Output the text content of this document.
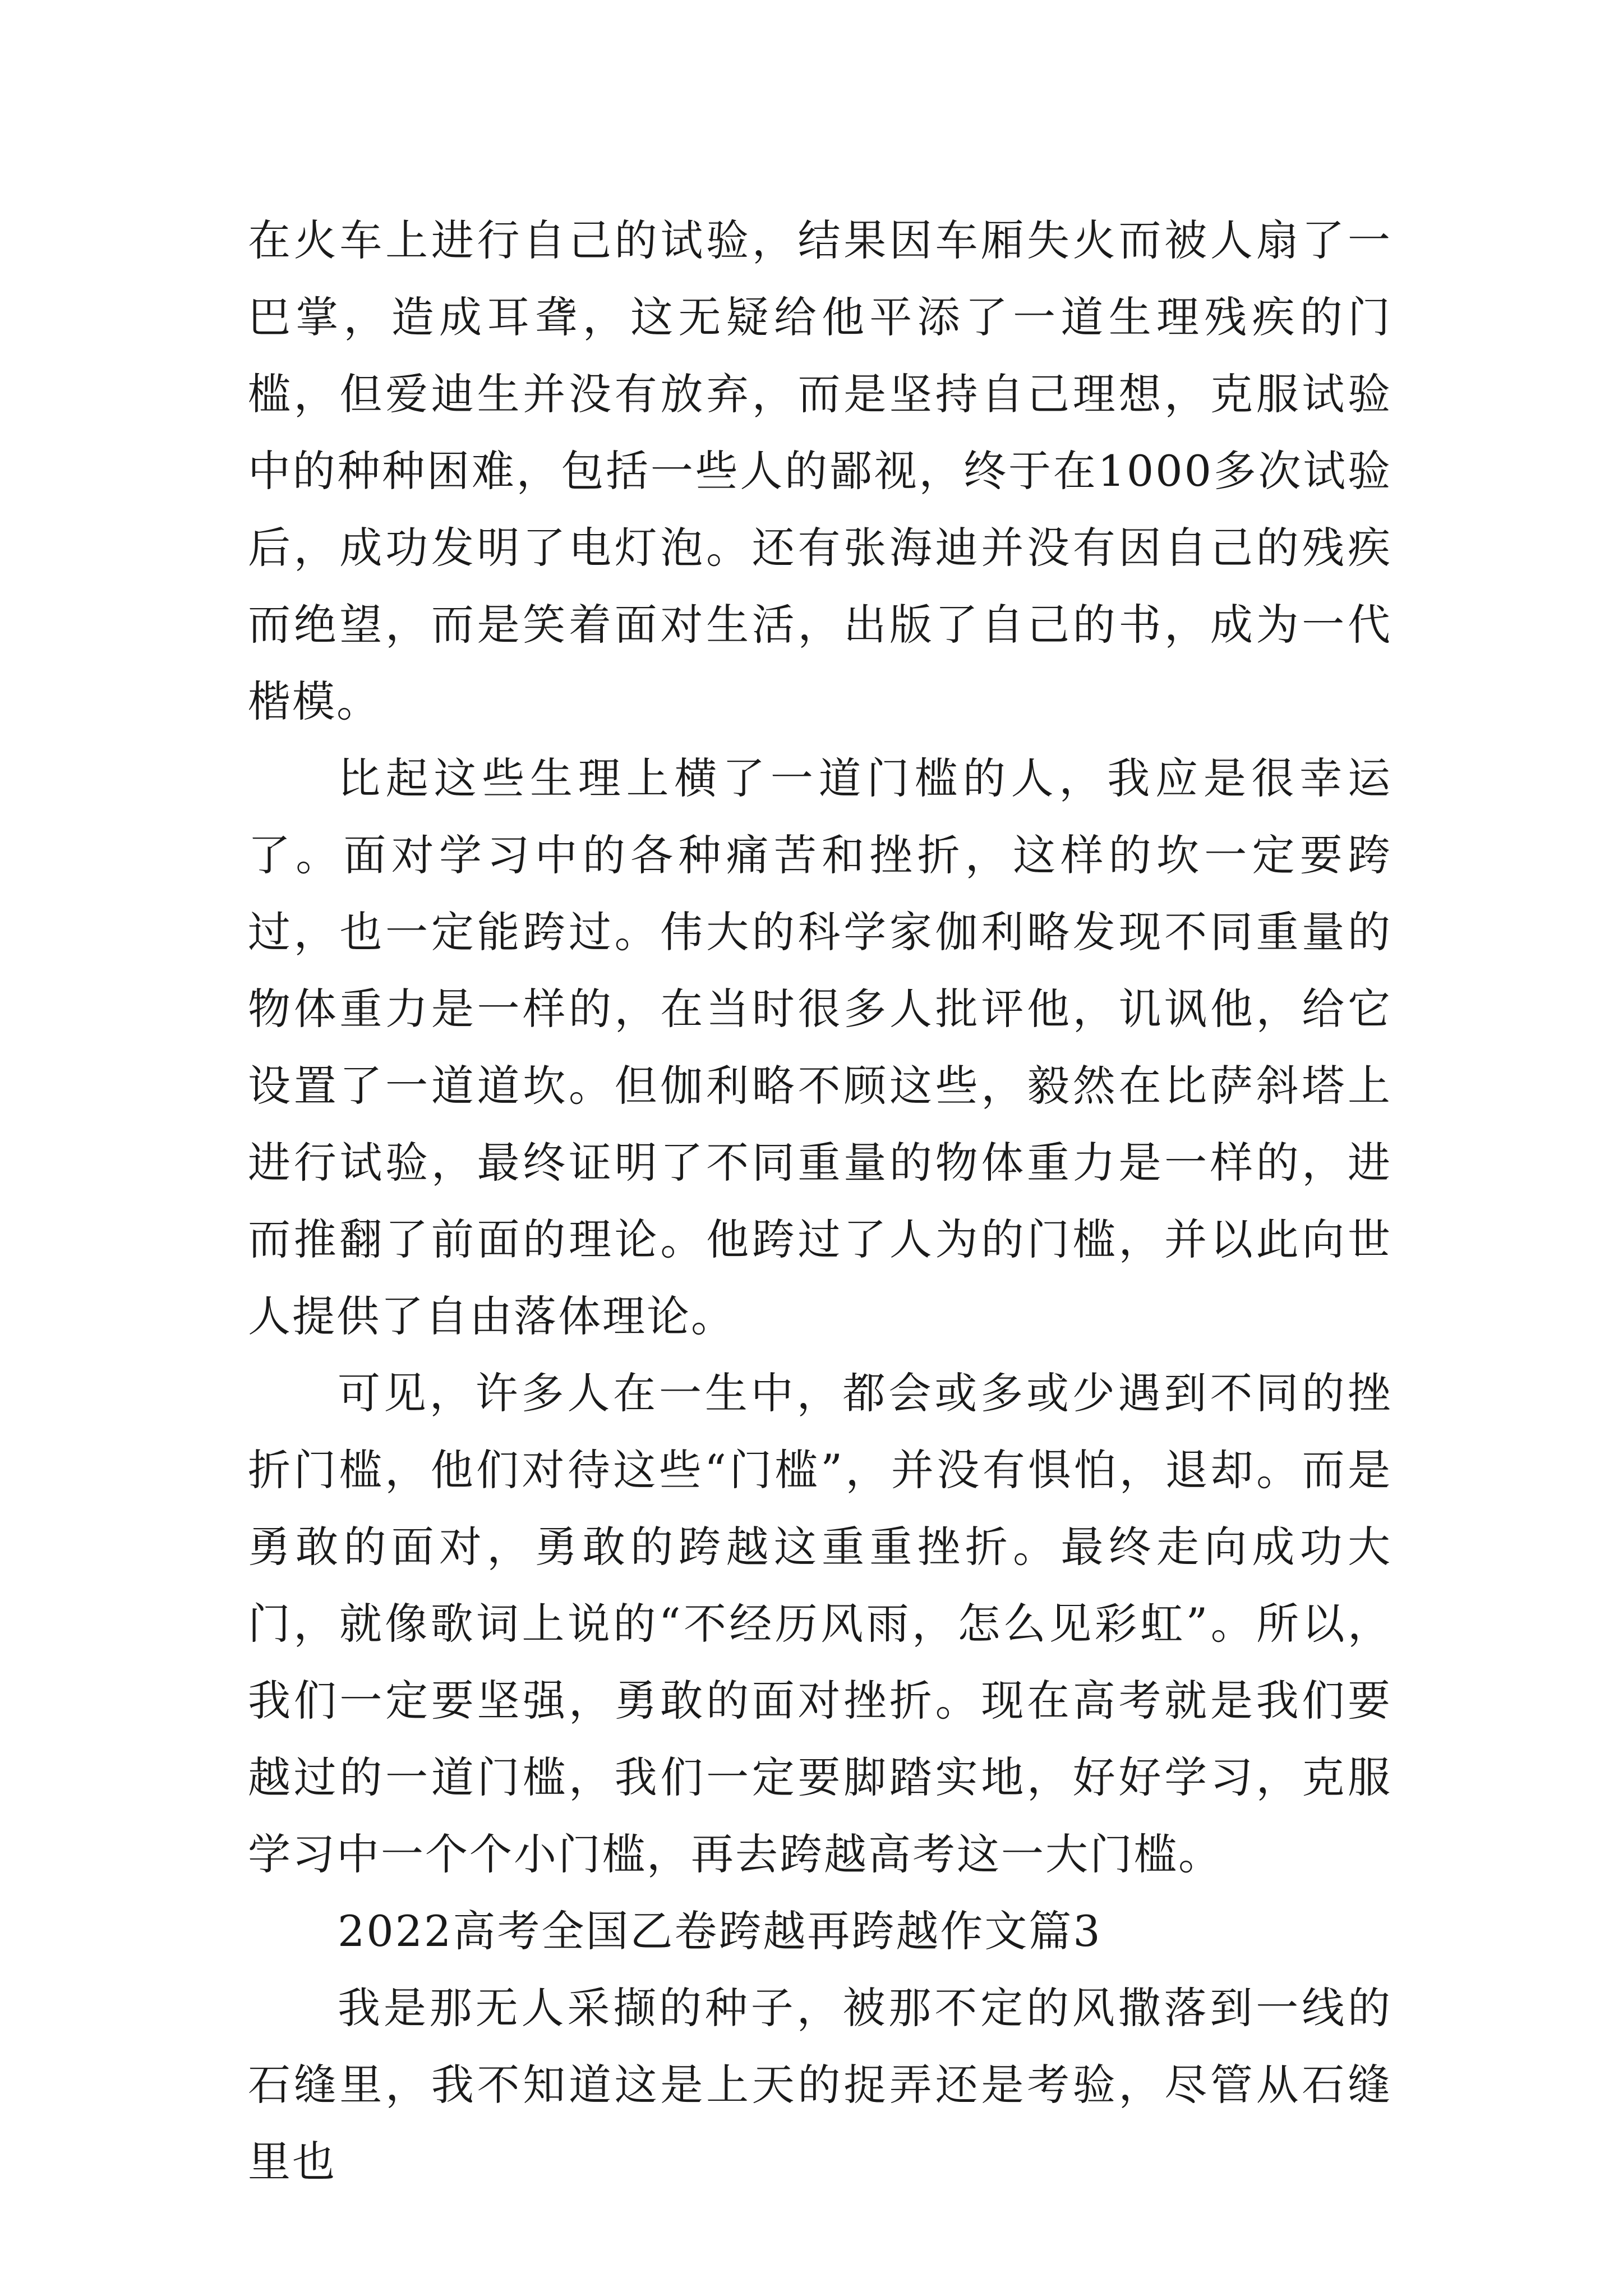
在火车上进行自己的试验，结果因车厢失火而被人扇了一巴掌，造成耳聋，这无疑给他平添了一道生理残疾的门槛，但爱迪生并没有放弃，而是坚持自己理想，克服试验中的种种困难，包括一些人的鄙视，终于在1000多次试验后，成功发明了电灯泡。还有张海迪并没有因自己的残疾而绝望，而是笑着面对生活，出版了自己的书，成为一代楷模。

比起这些生理上横了一道门槛的人，我应是很幸运了。面对学习中的各种痛苦和挫折，这样的坎一定要跨过，也一定能跨过。伟大的科学家伽利略发现不同重量的物体重力是一样的，在当时很多人批评他，讥讽他，给它设置了一道道坎。但伽利略不顾这些，毅然在比萨斜塔上进行试验，最终证明了不同重量的物体重力是一样的，进而推翻了前面的理论。他跨过了人为的门槛，并以此向世人提供了自由落体理论。

可见，许多人在一生中，都会或多或少遇到不同的挫折门槛，他们对待这些“门槛”，并没有惧怕，退却。而是勇敢的面对，勇敢的跨越这重重挫折。最终走向成功大门，就像歌词上说的“不经历风雨，怎么见彩虹”。所以，我们一定要坚强，勇敢的面对挫折。现在高考就是我们要越过的一道门槛，我们一定要脚踏实地，好好学习，克服学习中一个个小门槛，再去跨越高考这一大门槛。

2022高考全国乙卷跨越再跨越作文篇3

我是那无人采撷的种子，被那不定的风撒落到一线的石缝里，我不知道这是上天的捉弄还是考验，尽管从石缝里也
